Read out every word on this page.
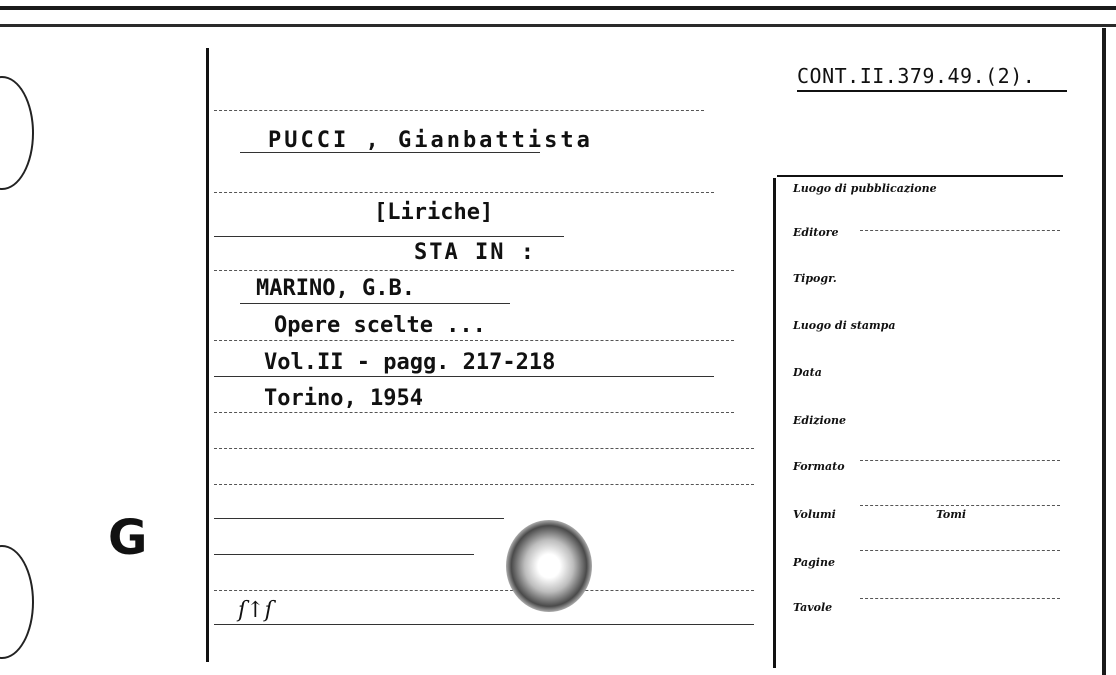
G
CONT.II.379.49.(2).
PUCCI , Gianbattista
[Liriche]
STA IN :
MARINO, G.B.
Opere scelte ...
Vol.II - pagg. 217-218
Torino, 1954
ſ↑ſ
Luogo di pubblicazione
Editore
Tipogr.
Luogo di stampa
Data
Edizione
Formato
Volumi	Tomi
Pagine
Tavole
